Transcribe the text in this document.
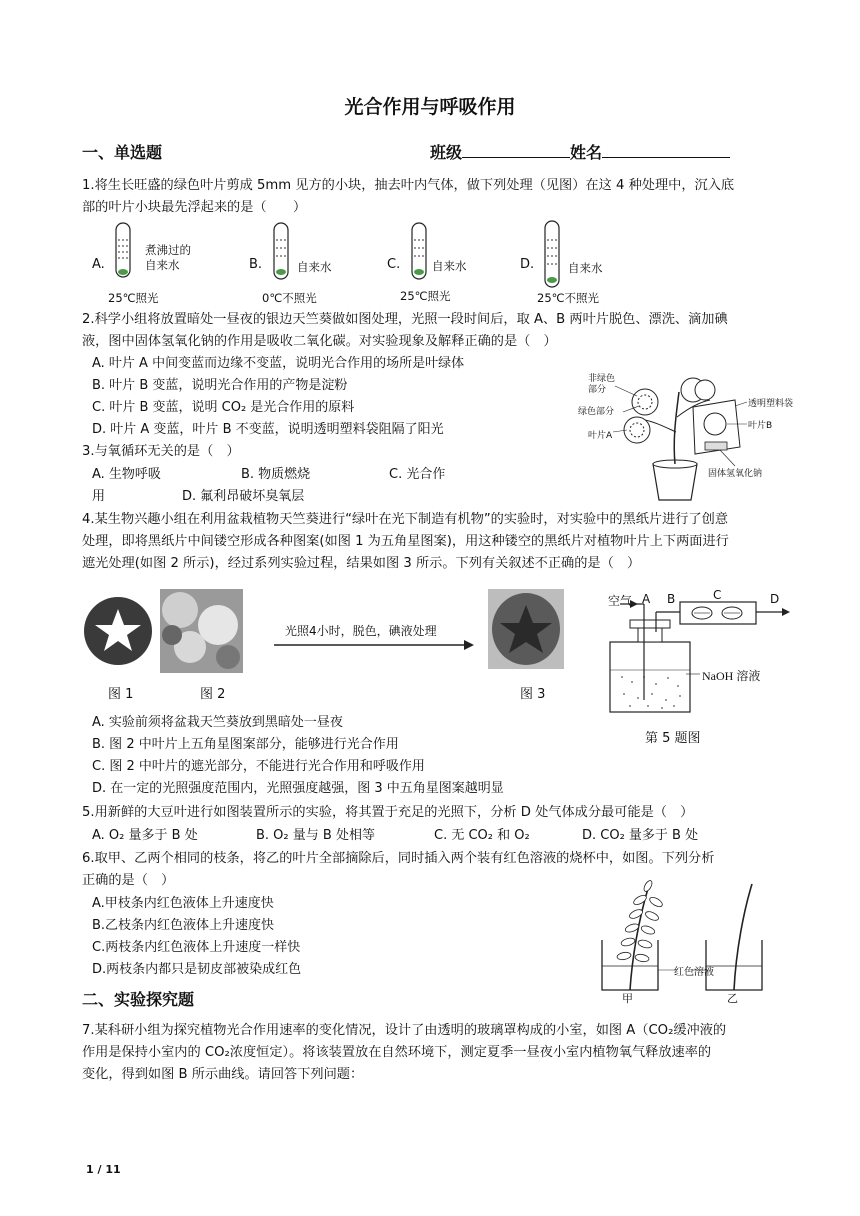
光合作用与呼吸作用
一、单选题	班级	姓名
1.将生长旺盛的绿色叶片剪成 5mm 见方的小块，抽去叶内气体，做下列处理（见图）在这 4 种处理中，沉入底
部的叶片小块最先浮起来的是（　　）
A.
煮沸过的
自来水
25℃照光
B.	自来水
0℃不照光
C.	自来水
25℃照光
D.	自来水
25℃不照光
2.科学小组将放置暗处一昼夜的银边天竺葵做如图处理，光照一段时间后，取 A、B 两叶片脱色、漂洗、滴加碘
液，图中固体氢氧化钠的作用是吸收二氧化碳。对实验现象及解释正确的是（　）
A. 叶片 A 中间变蓝而边缘不变蓝，说明光合作用的场所是叶绿体
B. 叶片 B 变蓝，说明光合作用的产物是淀粉
C. 叶片 B 变蓝，说明 CO₂ 是光合作用的原料
D. 叶片 A 变蓝，叶片 B 不变蓝，说明透明塑料袋阻隔了阳光
非绿色
部分
绿色部分
叶片A
透明塑料袋
叶片B
固体氢氧化钠
3.与氧循环无关的是（　）
A. 生物呼吸	B. 物质燃烧	C. 光合作
用	D. 氟利昂破坏臭氧层
4.某生物兴趣小组在利用盆栽植物天竺葵进行“绿叶在光下制造有机物”的实验时，对实验中的黑纸片进行了创意
处理，即将黑纸片中间镂空形成各种图案(如图 1 为五角星图案)，用这种镂空的黑纸片对植物叶片上下两面进行
遮光处理(如图 2 所示)，经过系列实验过程，结果如图 3 所示。下列有关叙述不正确的是（　）
光照4小时，脱色，碘液处理
图 1	图 2	图 3
空气 A B	C	D
NaOH 溶液
第 5 题图
A. 实验前须将盆栽天竺葵放到黑暗处一昼夜
B. 图 2 中叶片上五角星图案部分，能够进行光合作用
C. 图 2 中叶片的遮光部分，不能进行光合作用和呼吸作用
D. 在一定的光照强度范围内，光照强度越强，图 3 中五角星图案越明显
5.用新鲜的大豆叶进行如图装置所示的实验，将其置于充足的光照下，分析 D 处气体成分最可能是（　）
A. O₂ 量多于 B 处	B. O₂ 量与 B 处相等	C. 无 CO₂ 和 O₂	D. CO₂ 量多于 B 处
6.取甲、乙两个相同的枝条，将乙的叶片全部摘除后，同时插入两个装有红色溶液的烧杯中，如图。下列分析
正确的是（　）
A.甲枝条内红色液体上升速度快
B.乙枝条内红色液体上升速度快
C.两枝条内红色液体上升速度一样快
D.两枝条内都只是韧皮部被染成红色	红色溶液
甲	乙
二、实验探究题
7.某科研小组为探究植物光合作用速率的变化情况，设计了由透明的玻璃罩构成的小室，如图 A（CO₂缓冲液的
作用是保持小室内的 CO₂浓度恒定）。将该装置放在自然环境下，测定夏季一昼夜小室内植物氧气释放速率的
变化，得到如图 B 所示曲线。请回答下列问题：
1 / 11
